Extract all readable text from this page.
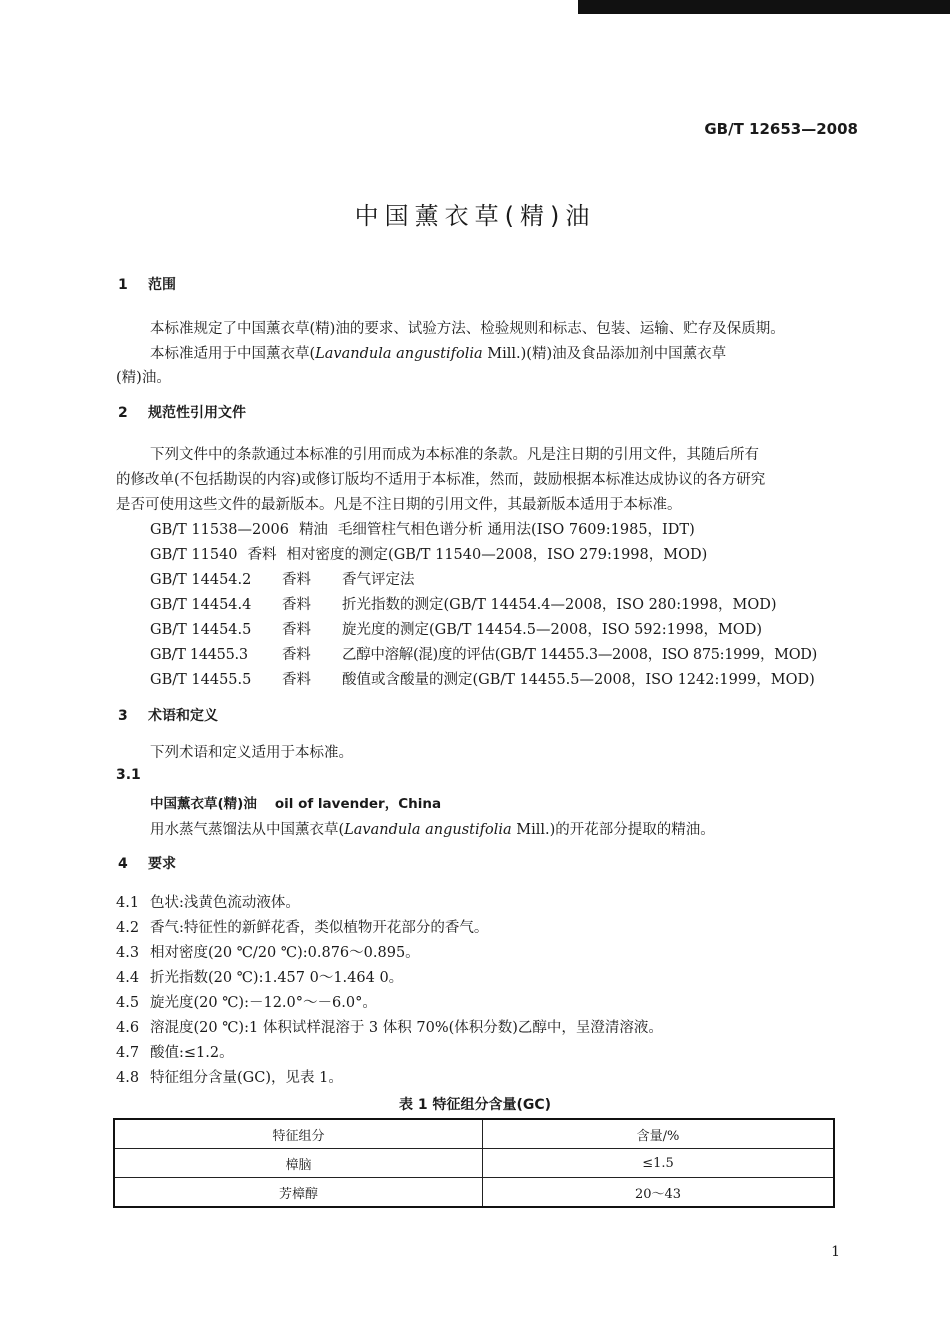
GB/T 12653—2008
中国薰衣草(精)油
1 范围
本标准规定了中国薰衣草(精)油的要求、试验方法、检验规则和标志、包装、运输、贮存及保质期。
本标准适用于中国薰衣草(Lavandula angustifolia Mill.)(精)油及食品添加剂中国薰衣草
(精)油。
2 规范性引用文件
下列文件中的条款通过本标准的引用而成为本标准的条款。凡是注日期的引用文件，其随后所有
的修改单(不包括勘误的内容)或修订版均不适用于本标准，然而，鼓励根据本标准达成协议的各方研究
是否可使用这些文件的最新版本。凡是不注日期的引用文件，其最新版本适用于本标准。
GB/T 11538—2006 精油 毛细管柱气相色谱分析 通用法(ISO 7609:1985，IDT)
GB/T 11540 香料 相对密度的测定(GB/T 11540—2008，ISO 279:1998，MOD)
GB/T 14454.2 香料 香气评定法
GB/T 14454.4 香料 折光指数的测定(GB/T 14454.4—2008，ISO 280:1998，MOD)
GB/T 14454.5 香料 旋光度的测定(GB/T 14454.5—2008，ISO 592:1998，MOD)
GB/T 14455.3 香料 乙醇中溶解(混)度的评估(GB/T 14455.3—2008，ISO 875:1999，MOD)
GB/T 14455.5 香料 酸值或含酸量的测定(GB/T 14455.5—2008，ISO 1242:1999，MOD)
3 术语和定义
下列术语和定义适用于本标准。
3.1
中国薰衣草(精)油 oil of lavender，China
用水蒸气蒸馏法从中国薰衣草(Lavandula angustifolia Mill.)的开花部分提取的精油。
4 要求
4.1 色状:浅黄色流动液体。
4.2 香气:特征性的新鲜花香，类似植物开花部分的香气。
4.3 相对密度(20 ℃/20 ℃):0.876～0.895。
4.4 折光指数(20 ℃):1.457 0～1.464 0。
4.5 旋光度(20 ℃):－12.0°～－6.0°。
4.6 溶混度(20 ℃):1 体积试样混溶于 3 体积 70%(体积分数)乙醇中，呈澄清溶液。
4.7 酸值:≤1.2。
4.8 特征组分含量(GC)，见表 1。
表 1 特征组分含量(GC)
特征组分	含量/%
樟脑	≤1.5
芳樟醇	20～43
1
